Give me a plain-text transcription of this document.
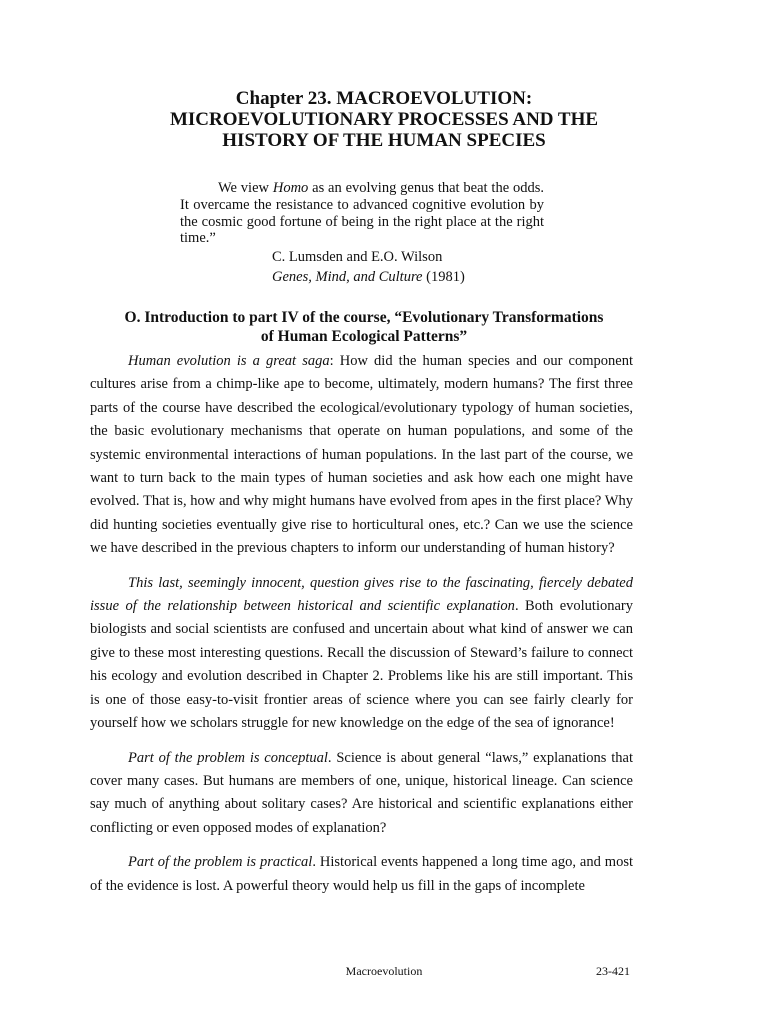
Chapter 23. MACROEVOLUTION:
MICROEVOLUTIONARY PROCESSES AND THE
HISTORY OF THE HUMAN SPECIES

We view Homo as an evolving genus that beat the odds. It overcame the resistance to advanced cognitive evolution by the cosmic good fortune of being in the right place at the right time.”

C. Lumsden and E.O. Wilson
Genes, Mind, and Culture (1981)
O. Introduction to part IV of the course, “Evolutionary Transformations
of Human Ecological Patterns”

Human evolution is a great saga: How did the human species and our component cultures arise from a chimp-like ape to become, ultimately, modern humans? The first three parts of the course have described the ecological/evolutionary typology of human societies, the basic evolutionary mechanisms that operate on human populations, and some of the systemic environmental interactions of human populations. In the last part of the course, we want to turn back to the main types of human societies and ask how each one might have evolved. That is, how and why might humans have evolved from apes in the first place? Why did hunting societies eventually give rise to horticultural ones, etc.? Can we use the science we have described in the previous chapters to inform our understanding of human history?

This last, seemingly innocent, question gives rise to the fascinating, fiercely debated issue of the relationship between historical and scientific explanation. Both evolutionary biologists and social scientists are confused and uncertain about what kind of answer we can give to these most interesting questions. Recall the discussion of Steward’s failure to connect his ecology and evolution described in Chapter 2. Problems like his are still important. This is one of those easy-to-visit frontier areas of science where you can see fairly clearly for yourself how we scholars struggle for new knowledge on the edge of the sea of ignorance!

Part of the problem is conceptual. Science is about general “laws,” explanations that cover many cases. But humans are members of one, unique, historical lineage. Can science say much of anything about solitary cases? Are historical and scientific explanations either conflicting or even opposed modes of explanation?

Part of the problem is practical. Historical events happened a long time ago, and most of the evidence is lost. A powerful theory would help us fill in the gaps of incomplete

Macroevolution	23-421
